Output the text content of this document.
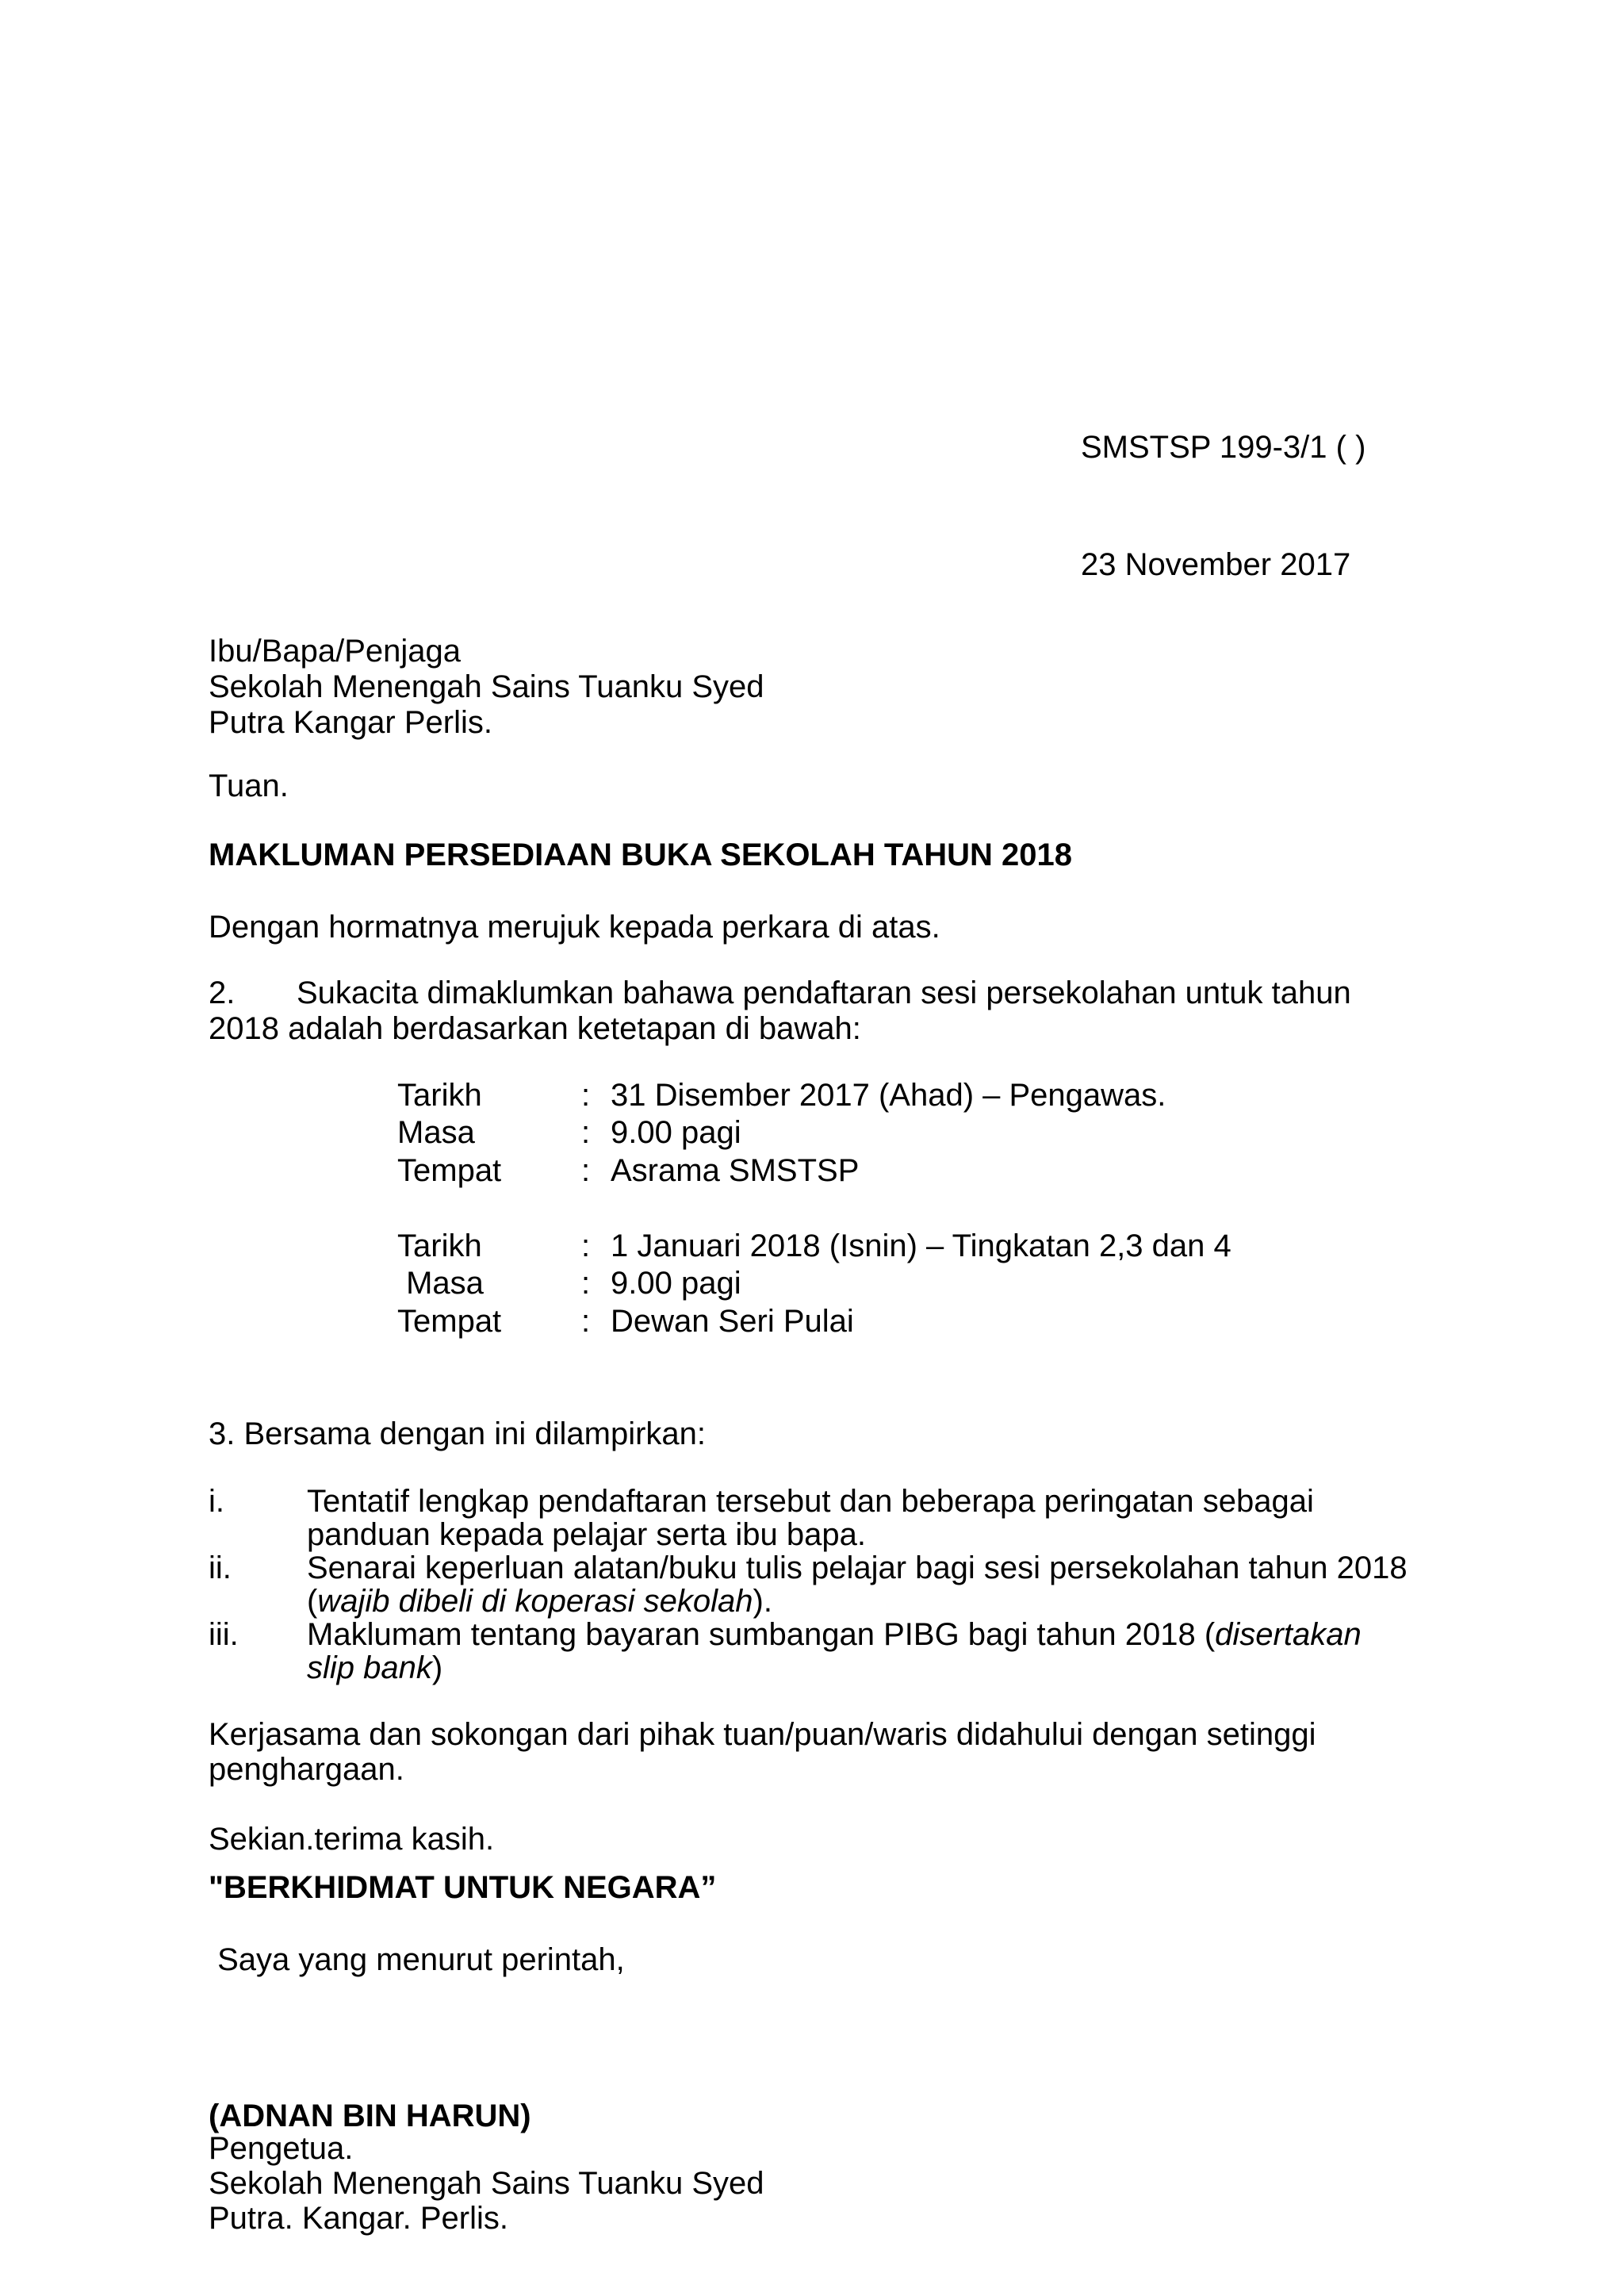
SMSTSP 199-3/1 ( )
23 November 2017
Ibu/Bapa/Penjaga
Sekolah Menengah Sains Tuanku Syed
Putra Kangar Perlis.
Tuan.
MAKLUMAN PERSEDIAAN BUKA SEKOLAH TAHUN 2018
Dengan hormatnya merujuk kepada perkara di atas.
2. Sukacita dimaklumkan bahawa pendaftaran sesi persekolahan untuk tahun
2018 adalah berdasarkan ketetapan di bawah:
Tarikh	: 31 Disember 2017 (Ahad) – Pengawas.
Masa	: 9.00 pagi
Tempat	: Asrama SMSTSP
Tarikh	: 1 Januari 2018 (Isnin) – Tingkatan 2,3 dan 4
Masa	: 9.00 pagi
Tempat	: Dewan Seri Pulai
3. Bersama dengan ini dilampirkan:
i.	Tentatif lengkap pendaftaran tersebut dan beberapa peringatan sebagai
panduan kepada pelajar serta ibu bapa.
ii. Senarai keperluan alatan/buku tulis pelajar bagi sesi persekolahan tahun 2018
(wajib dibeli di koperasi sekolah).
iii. Maklumam tentang bayaran sumbangan PIBG bagi tahun 2018 (disertakan
slip bank)
Kerjasama dan sokongan dari pihak tuan/puan/waris didahului dengan setinggi
penghargaan.
Sekian.terima kasih.
"BERKHIDMAT UNTUK NEGARA”
Saya yang menurut perintah,
(ADNAN BIN HARUN)
Pengetua.
Sekolah Menengah Sains Tuanku Syed
Putra. Kangar. Perlis.
